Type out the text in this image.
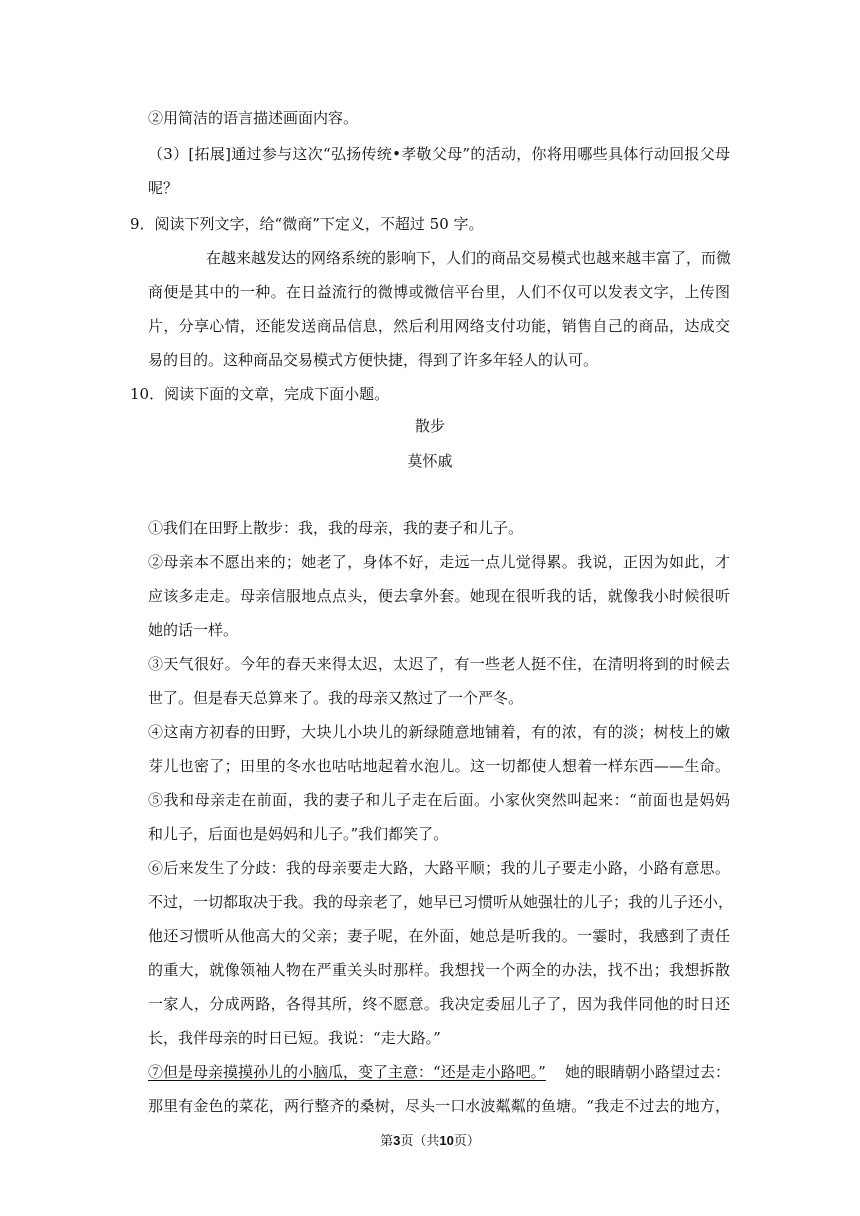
②用简洁的语言描述画面内容。
（3）[拓展]通过参与这次“弘扬传统•孝敬父母”的活动，你将用哪些具体行动回报父母
呢？
9．阅读下列文字，给“微商”下定义，不超过 50 字。
在越来越发达的网络系统的影响下，人们的商品交易模式也越来越丰富了，而微
商便是其中的一种。在日益流行的微博或微信平台里，人们不仅可以发表文字，上传图
片，分享心情，还能发送商品信息，然后利用网络支付功能，销售自己的商品，达成交
易的目的。这种商品交易模式方便快捷，得到了许多年轻人的认可。
10．阅读下面的文章，完成下面小题。
散步
莫怀戚
①我们在田野上散步：我，我的母亲，我的妻子和儿子。
②母亲本不愿出来的；她老了，身体不好，走远一点儿觉得累。我说，正因为如此，才
应该多走走。母亲信服地点点头，便去拿外套。她现在很听我的话，就像我小时候很听
她的话一样。
③天气很好。今年的春天来得太迟，太迟了，有一些老人挺不住，在清明将到的时候去
世了。但是春天总算来了。我的母亲又熬过了一个严冬。
④这南方初春的田野，大块儿小块儿的新绿随意地铺着，有的浓，有的淡；树枝上的嫩
芽儿也密了；田里的冬水也咕咕地起着水泡儿。这一切都使人想着一样东西——生命。
⑤我和母亲走在前面，我的妻子和儿子走在后面。小家伙突然叫起来：“前面也是妈妈
和儿子，后面也是妈妈和儿子。”我们都笑了。
⑥后来发生了分歧：我的母亲要走大路，大路平顺；我的儿子要走小路，小路有意思。
不过，一切都取决于我。我的母亲老了，她早已习惯听从她强壮的儿子；我的儿子还小，
他还习惯听从他高大的父亲；妻子呢，在外面，她总是听我的。一霎时，我感到了责任
的重大，就像领袖人物在严重关头时那样。我想找一个两全的办法，找不出；我想拆散
一家人，分成两路，各得其所，终不愿意。我决定委屈儿子了，因为我伴同他的时日还
长，我伴母亲的时日已短。我说：“走大路。”
⑦但是母亲摸摸孙儿的小脑瓜，变了主意：“还是走小路吧。” 她的眼睛朝小路望过去：
那里有金色的菜花，两行整齐的桑树，尽头一口水波粼粼的鱼塘。“我走不过去的地方，
第3页（共10页）
